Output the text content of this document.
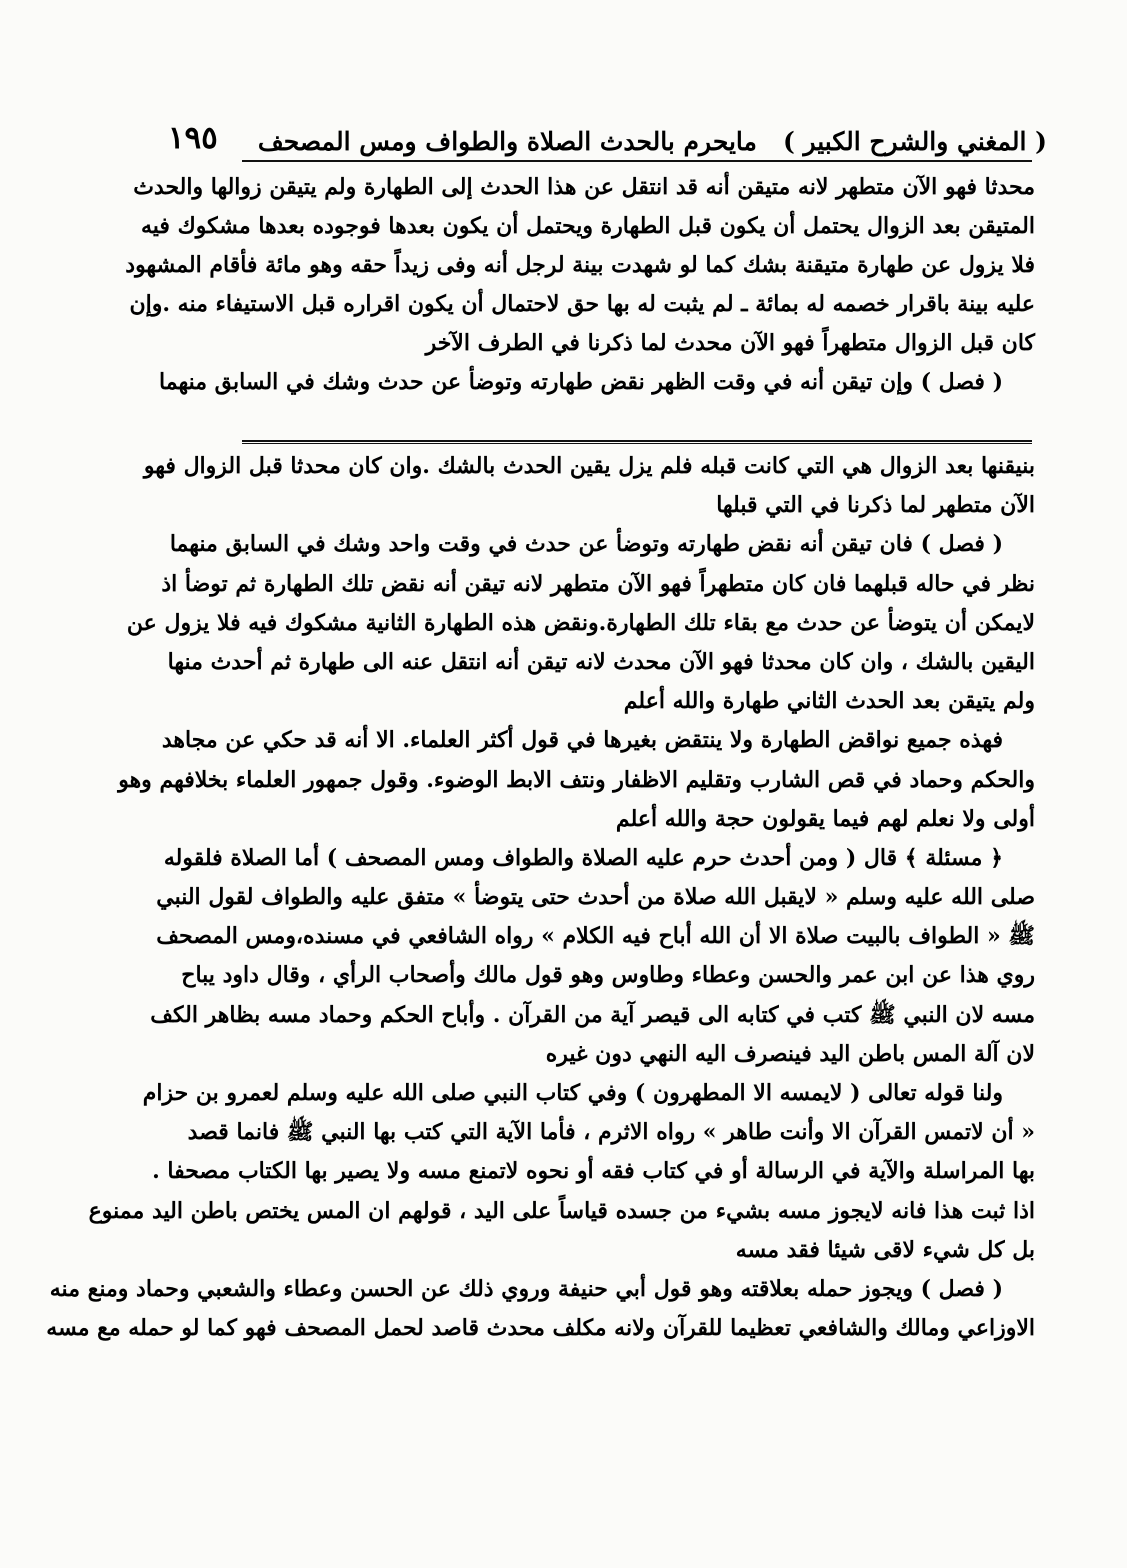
( المغني والشرح الكبير )
مايحرم بالحدث الصلاة والطواف ومس المصحف
١٩٥
محدثا فهو الآن متطهر لانه متيقن أنه قد انتقل عن هذا الحدث إلى الطهارة ولم يتيقن زوالها والحدث
المتيقن بعد الزوال يحتمل أن يكون قبل الطهارة ويحتمل أن يكون بعدها فوجوده بعدها مشكوك فيه
فلا يزول عن طهارة متيقنة بشك كما لو شهدت بينة لرجل أنه وفى زيداً حقه وهو مائة فأقام المشهود
عليه بينة باقرار خصمه له بمائة ـ لم يثبت له بها حق لاحتمال أن يكون اقراره قبل الاستيفاء منه .وإن
كان قبل الزوال متطهراً فهو الآن محدث لما ذكرنا في الطرف الآخر
( فصل ) وإن تيقن أنه في وقت الظهر نقض طهارته وتوضأ عن حدث وشك في السابق منهما
بنيقنها بعد الزوال هي التي كانت قبله فلم يزل يقين الحدث بالشك .وان كان محدثا قبل الزوال فهو
الآن متطهر لما ذكرنا في التي قبلها
( فصل ) فان تيقن أنه نقض طهارته وتوضأ عن حدث في وقت واحد وشك في السابق منهما
نظر في حاله قبلهما فان كان متطهراً فهو الآن متطهر لانه تيقن أنه نقض تلك الطهارة ثم توضأ اذ
لايمكن أن يتوضأ عن حدث مع بقاء تلك الطهارة.ونقض هذه الطهارة الثانية مشكوك فيه فلا يزول عن
اليقين بالشك ، وان كان محدثا فهو الآن محدث لانه تيقن أنه انتقل عنه الى طهارة ثم أحدث منها
ولم يتيقن بعد الحدث الثاني طهارة والله أعلم
فهذه جميع نواقض الطهارة ولا ينتقض بغيرها في قول أكثر العلماء. الا أنه قد حكي عن مجاهد
والحكم وحماد في قص الشارب وتقليم الاظفار ونتف الابط الوضوء. وقول جمهور العلماء بخلافهم وهو
أولى ولا نعلم لهم فيما يقولون حجة والله أعلم
﴿ مسئلة ﴾ قال ( ومن أحدث حرم عليه الصلاة والطواف ومس المصحف ) أما الصلاة فلقوله
صلى الله عليه وسلم « لايقبل الله صلاة من أحدث حتى يتوضأ » متفق عليه والطواف لقول النبي
ﷺ « الطواف بالبيت صلاة الا أن الله أباح فيه الكلام » رواه الشافعي في مسنده،ومس المصحف
روي هذا عن ابن عمر والحسن وعطاء وطاوس وهو قول مالك وأصحاب الرأي ، وقال داود يباح
مسه لان النبي ﷺ كتب في كتابه الى قيصر آية من القرآن . وأباح الحكم وحماد مسه بظاهر الكف
لان آلة المس باطن اليد فينصرف اليه النهي دون غيره
ولنا قوله تعالى ( لايمسه الا المطهرون ) وفي كتاب النبي صلى الله عليه وسلم لعمرو بن حزام
« أن لاتمس القرآن الا وأنت طاهر » رواه الاثرم ، فأما الآية التي كتب بها النبي ﷺ فانما قصد
بها المراسلة والآية في الرسالة أو في كتاب فقه أو نحوه لاتمنع مسه ولا يصير بها الكتاب مصحفا .
اذا ثبت هذا فانه لايجوز مسه بشيء من جسده قياساً على اليد ، قولهم ان المس يختص باطن اليد ممنوع
بل كل شيء لاقى شيئا فقد مسه
( فصل ) ويجوز حمله بعلاقته وهو قول أبي حنيفة وروي ذلك عن الحسن وعطاء والشعبي وحماد ومنع منه
الاوزاعي ومالك والشافعي تعظيما للقرآن ولانه مكلف محدث قاصد لحمل المصحف فهو كما لو حمله مع مسه
